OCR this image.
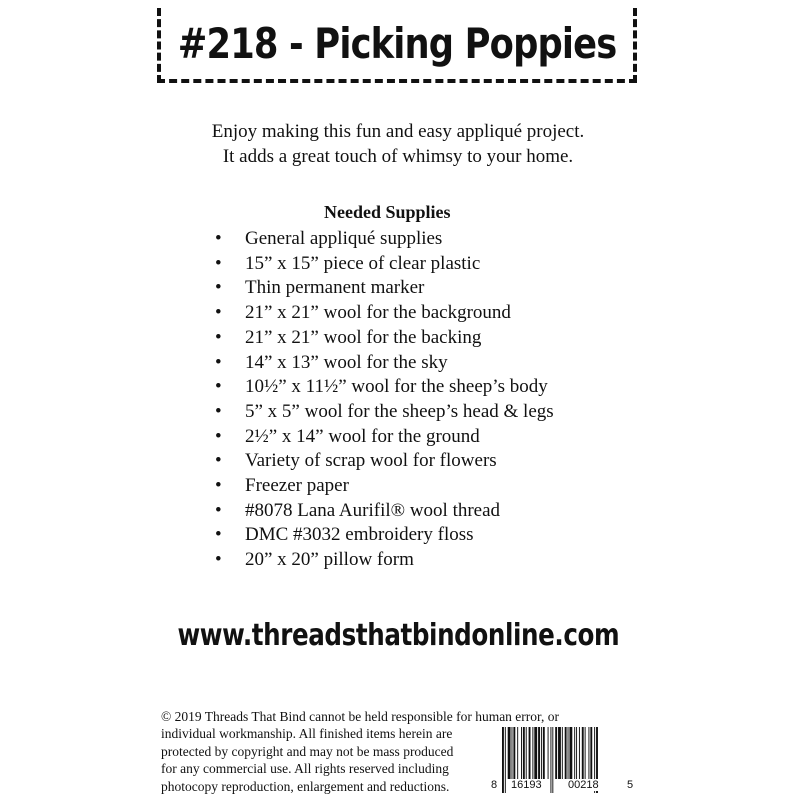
#218 - Picking Poppies
Enjoy making this fun and easy appliqué project.
It adds a great touch of whimsy to your home.
Needed Supplies
•	General appliqué supplies
•	15” x 15” piece of clear plastic
•	Thin permanent marker
•	21” x 21” wool for the background
•	21” x 21” wool for the backing
•	14” x 13” wool for the sky
•	10½” x 11½” wool for the sheep’s body
•	5” x 5” wool for the sheep’s head & legs
•	2½” x 14” wool for the ground
•	Variety of scrap wool for flowers
•	Freezer paper
•	#8078 Lana Aurifil® wool thread
•	DMC #3032 embroidery floss
•	20” x 20” pillow form
www.threadsthatbindonline.com
© 2019 Threads That Bind cannot be held responsible for human error, or
individual workmanship. All finished items herein are
protected by copyright and may not be mass produced
for any commercial use. All rights reserved including
photocopy reproduction, enlargement and reductions.	8 16193 00218	5
